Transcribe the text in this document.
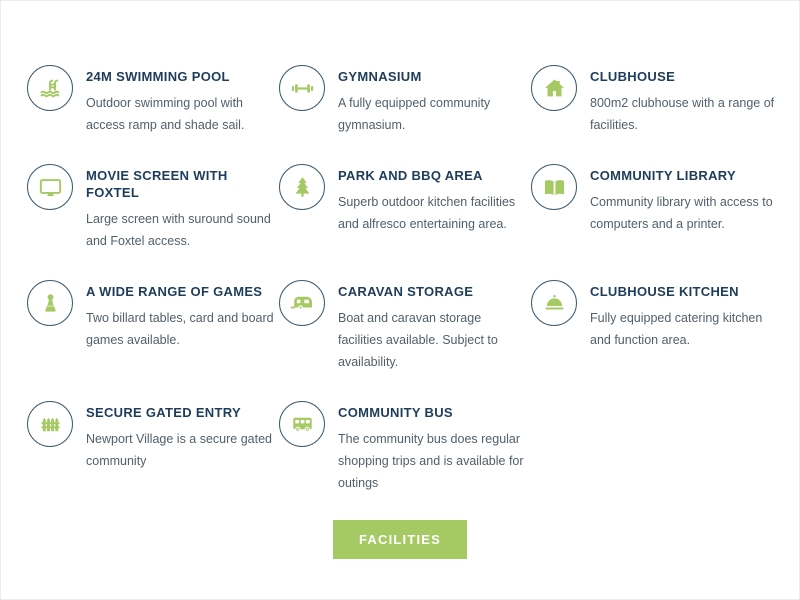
24M SWIMMING POOL

Outdoor swimming pool with access ramp and shade sail.

GYMNASIUM

A fully equipped community gymnasium.

CLUBHOUSE

800m2 clubhouse with a range of facilities.

MOVIE SCREEN WITH FOXTEL

Large screen with suround sound and Foxtel access.

PARK AND BBQ AREA

Superb outdoor kitchen facilities and alfresco entertaining area.

COMMUNITY LIBRARY

Community library with access to computers and a printer.

A WIDE RANGE OF GAMES

Two billard tables, card and board games available.

CARAVAN STORAGE

Boat and caravan storage facilities available. Subject to availability.

CLUBHOUSE KITCHEN

Fully equipped catering kitchen and function area.

SECURE GATED ENTRY

Newport Village is a secure gated community

COMMUNITY BUS

The community bus does regular shopping trips and is available for outings

FACILITIES
